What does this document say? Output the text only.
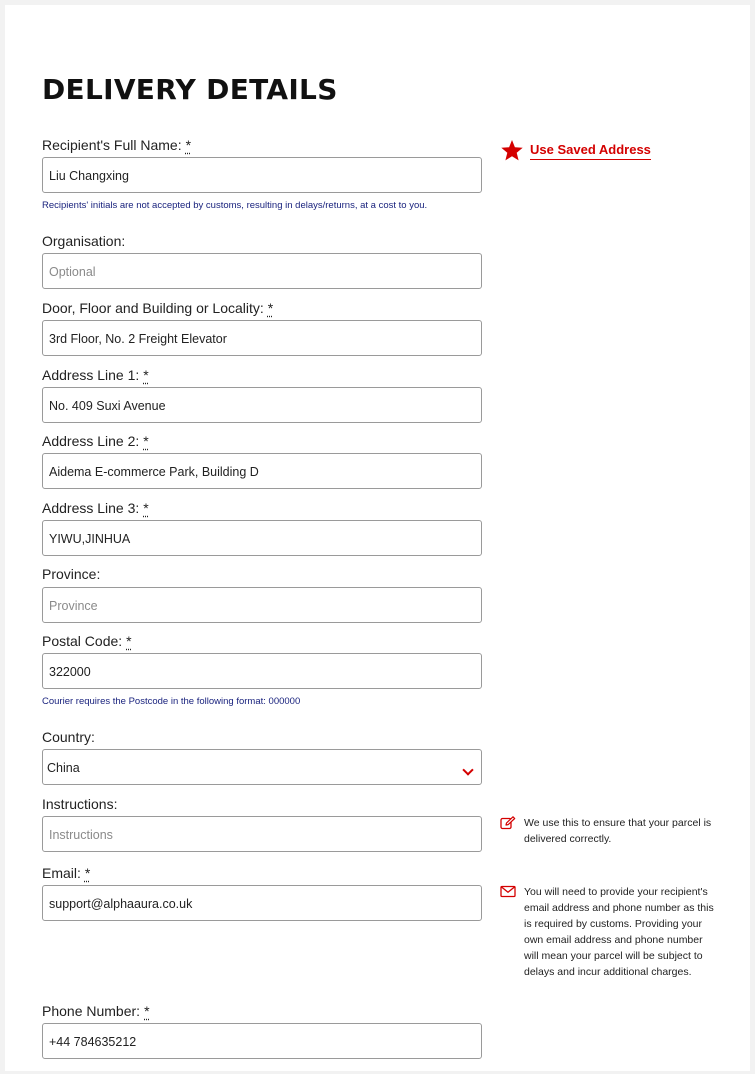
DELIVERY DETAILS
Use Saved Address
Recipient's Full Name: *
Liu Changxing
Recipients' initials are not accepted by customs, resulting in delays/returns, at a cost to you.
Organisation:
Optional
Door, Floor and Building or Locality: *
3rd Floor, No. 2 Freight Elevator
Address Line 1: *
No. 409 Suxi Avenue
Address Line 2: *
Aidema E-commerce Park, Building D
Address Line 3: *
YIWU,JINHUA
Province:
Province
Postal Code: *
322000
Courier requires the Postcode in the following format: 000000
Country:
China
Instructions:
Instructions
We use this to ensure that your parcel is delivered correctly.
Email: *
support@alphaaura.co.uk
You will need to provide your recipient's email address and phone number as this is required by customs. Providing your own email address and phone number will mean your parcel will be subject to delays and incur additional charges.
Phone Number: *
+44 784635212
